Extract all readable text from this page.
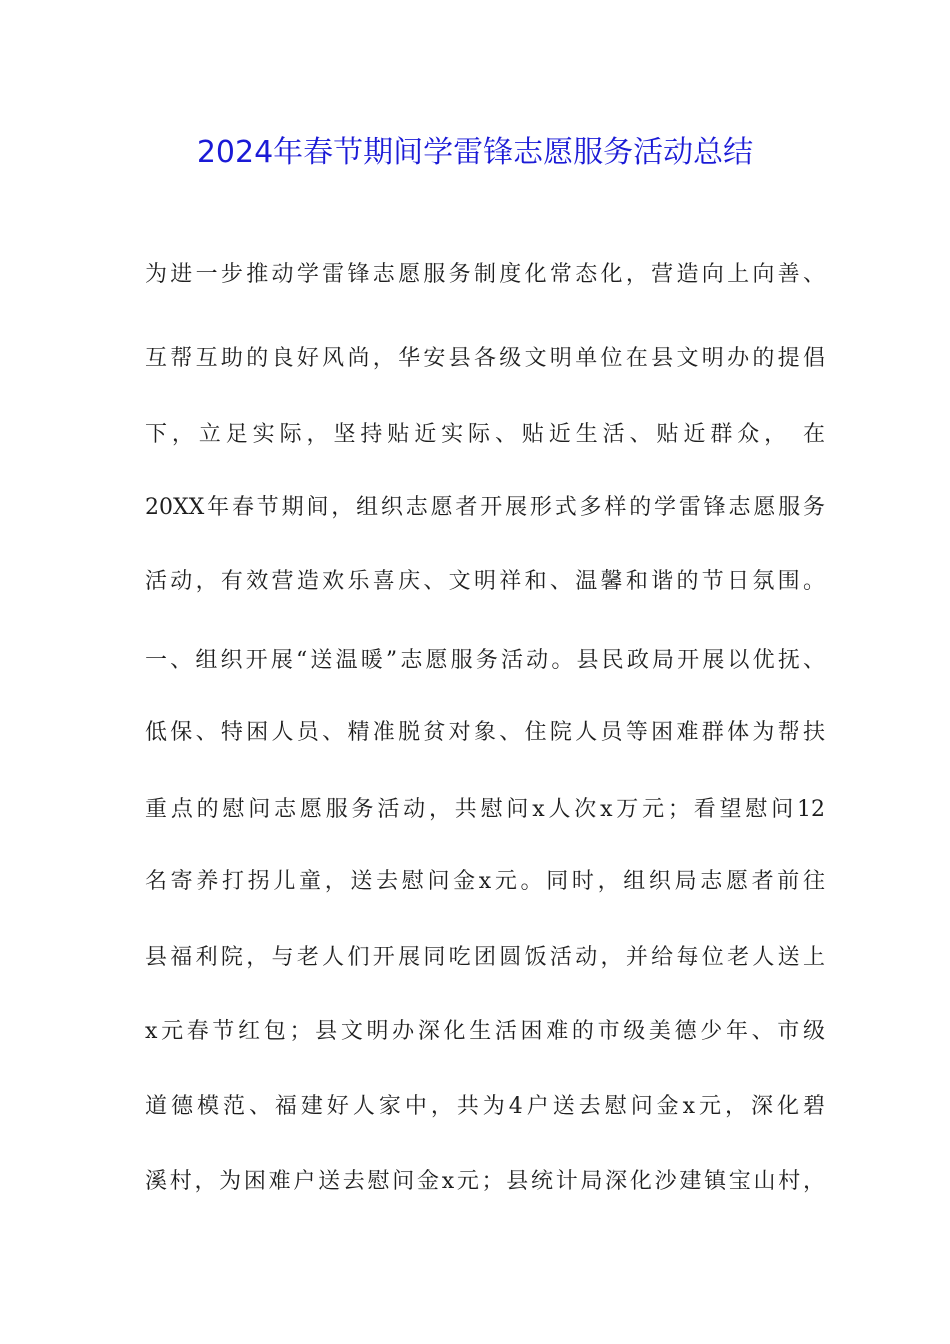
2024年春节期间学雷锋志愿服务活动总结

为进一步推动学雷锋志愿服务制度化常态化，营造向上向善、

互帮互助的良好风尚，华安县各级文明单位在县文明办的提倡

下，立足实际，坚持贴近实际、贴近生活、贴近群众， 在

20XX年春节期间，组织志愿者开展形式多样的学雷锋志愿服务

活动，有效营造欢乐喜庆、文明祥和、温馨和谐的节日氛围。

一、组织开展“送温暖”志愿服务活动。县民政局开展以优抚、

低保、特困人员、精准脱贫对象、住院人员等困难群体为帮扶

重点的慰问志愿服务活动，共慰问x人次x万元；看望慰问12

名寄养打拐儿童，送去慰问金x元。同时，组织局志愿者前往

县福利院，与老人们开展同吃团圆饭活动，并给每位老人送上

x元春节红包；县文明办深化生活困难的市级美德少年、市级

道德模范、福建好人家中，共为4户送去慰问金x元，深化碧

溪村，为困难户送去慰问金x元；县统计局深化沙建镇宝山村，
